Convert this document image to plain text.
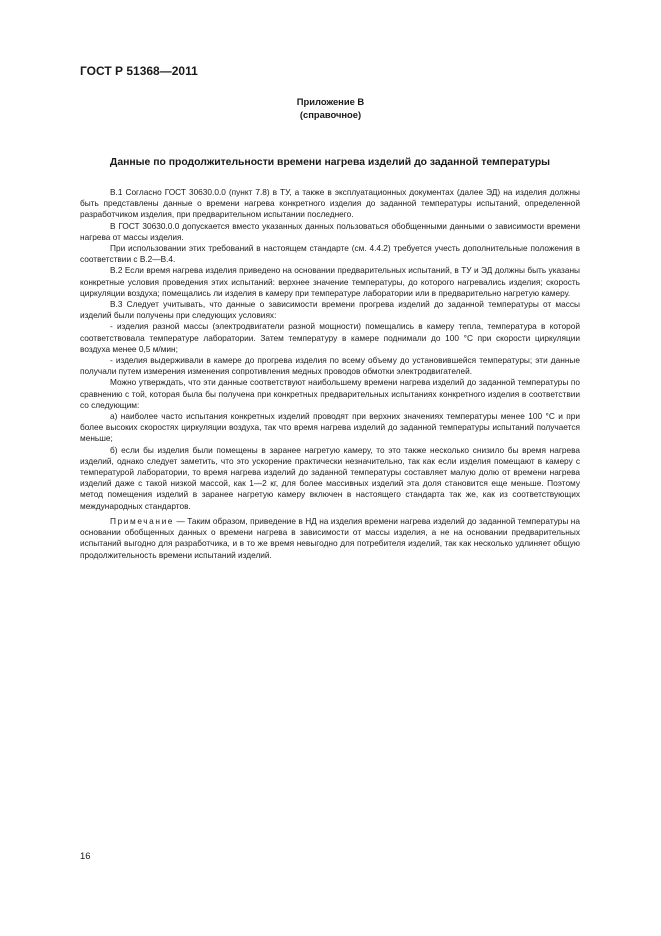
ГОСТ Р 51368—2011

Приложение В

(справочное)

Данные по продолжительности времени нагрева изделий до заданной температуры

В.1 Согласно ГОСТ 30630.0.0 (пункт 7.8) в ТУ, а также в эксплуатационных документах (далее ЭД) на изделия должны быть представлены данные о времени нагрева конкретного изделия до заданной температуры испытаний, определенной разработчиком изделия, при предварительном испытании последнего.

В ГОСТ 30630.0.0 допускается вместо указанных данных пользоваться обобщенными данными о зависимости времени нагрева от массы изделия.

При использовании этих требований в настоящем стандарте (см. 4.4.2) требуется учесть дополнительные положения в соответствии с В.2—В.4.

В.2 Если время нагрева изделия приведено на основании предварительных испытаний, в ТУ и ЭД должны быть указаны конкретные условия проведения этих испытаний: верхнее значение температуры, до которого нагревались изделия; скорость циркуляции воздуха; помещались ли изделия в камеру при температуре лаборатории или в предварительно нагретую камеру.

В.3 Следует учитывать, что данные о зависимости времени прогрева изделий до заданной температуры от массы изделий были получены при следующих условиях:

- изделия разной массы (электродвигатели разной мощности) помещались в камеру тепла, температура в которой соответствовала температуре лаборатории. Затем температуру в камере поднимали до 100 °С при скорости циркуляции воздуха менее 0,5 м/мин;

- изделия выдерживали в камере до прогрева изделия по всему объему до установившейся температуры; эти данные получали путем измерения изменения сопротивления медных проводов обмотки электродвигателей.

Можно утверждать, что эти данные соответствуют наибольшему времени нагрева изделий до заданной температуры по сравнению с той, которая была бы получена при конкретных предварительных испытаниях конкретного изделия в соответствии со следующим:

а) наиболее часто испытания конкретных изделий проводят при верхних значениях температуры менее 100 °С и при более высоких скоростях циркуляции воздуха, так что время нагрева изделий до заданной температуры испытаний получается меньше;

б) если бы изделия были помещены в заранее нагретую камеру, то это также несколько снизило бы время нагрева изделий, однако следует заметить, что это ускорение практически незначительно, так как если изделия помещают в камеру с температурой лаборатории, то время нагрева изделий до заданной температуры составляет малую долю от времени нагрева изделий даже с такой низкой массой, как 1—2 кг, для более массивных изделий эта доля становится еще меньше. Поэтому метод помещения изделий в заранее нагретую камеру включен в настоящего стандарта так же, как из соответствующих международных стандартов.

Примечание — Таким образом, приведение в НД на изделия времени нагрева изделий до заданной температуры на основании обобщенных данных о времени нагрева в зависимости от массы изделия, а не на основании предварительных испытаний выгодно для разработчика, и в то же время невыгодно для потребителя изделий, так как несколько удлиняет общую продолжительность времени испытаний изделий.

16
